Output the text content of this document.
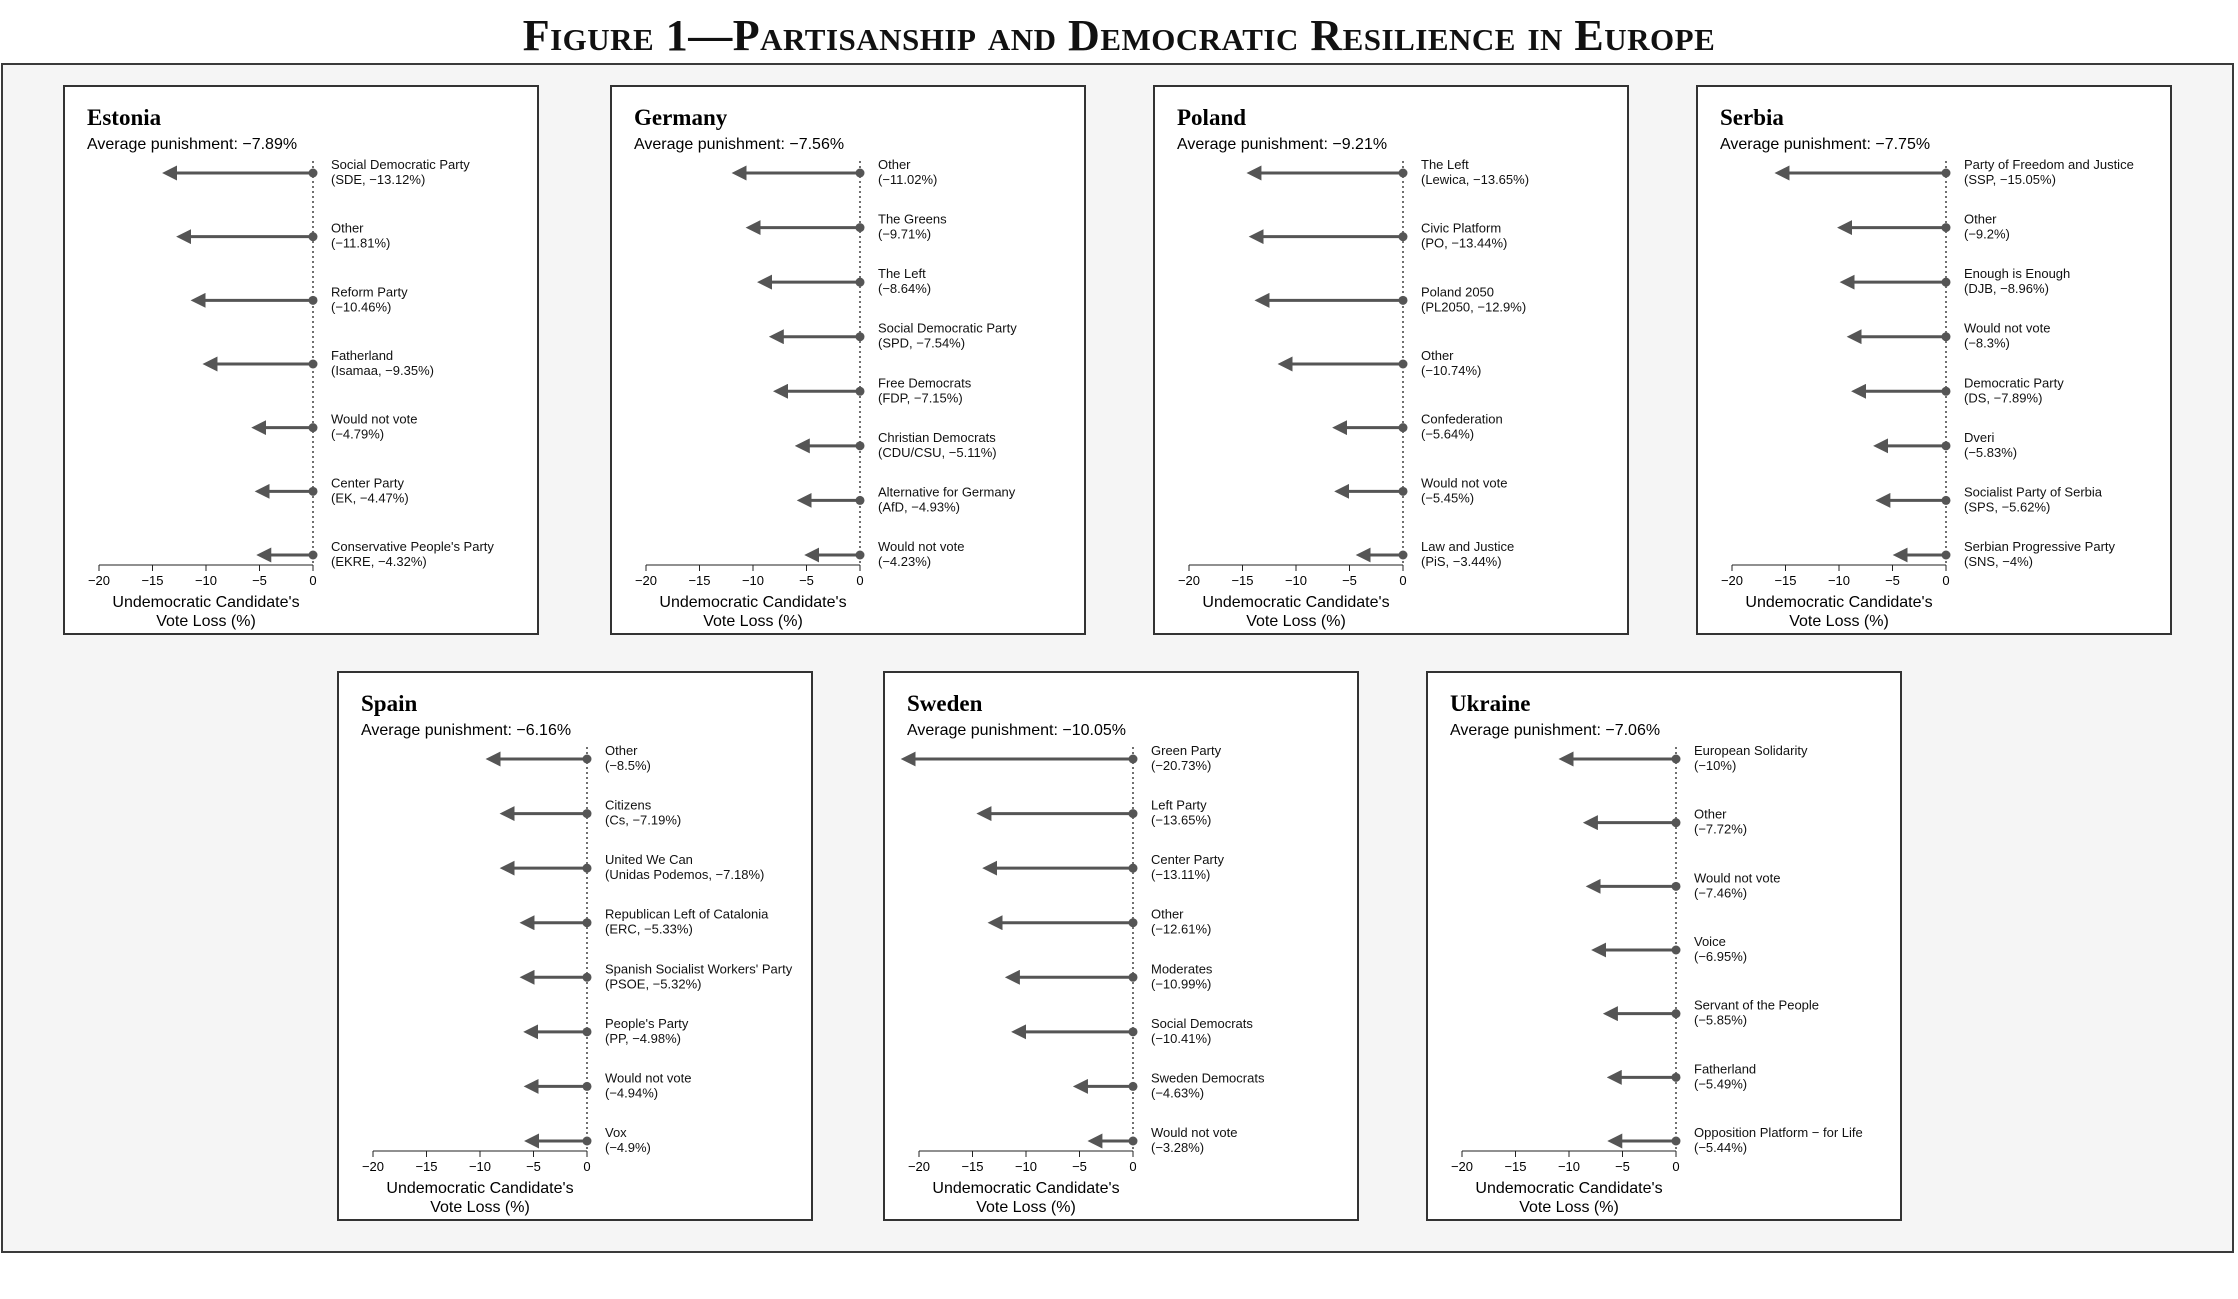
Figure 1—Partisanship and Democratic Resilience in Europe
Estonia
Average punishment: −7.89%
Social Democratic Party
(SDE, −13.12%)
Other
(−11.81%)
Reform Party
(−10.46%)
Fatherland
(Isamaa, −9.35%)
Would not vote
(−4.79%)
Center Party
(EK, −4.47%)
Conservative People's Party
(EKRE, −4.32%)
−20 −15 −10	−5	0
Undemocratic Candidate's
Vote Loss (%)
Germany
Average punishment: −7.56%
Other
(−11.02%)
The Greens
(−9.71%)
The Left
(−8.64%)
Social Democratic Party
(SPD, −7.54%)
Free Democrats
(FDP, −7.15%)
Christian Democrats
(CDU/CSU, −5.11%)
Alternative for Germany
(AfD, −4.93%)
Would not vote
(−4.23%)
−20 −15 −10	−5	0
Undemocratic Candidate's
Vote Loss (%)
Poland
Average punishment: −9.21%
The Left
(Lewica, −13.65%)
Civic Platform
(PO, −13.44%)
Poland 2050
(PL2050, −12.9%)
Other
(−10.74%)
Confederation
(−5.64%)
Would not vote
(−5.45%)
Law and Justice
(PiS, −3.44%)
−20 −15 −10	−5	0
Undemocratic Candidate's
Vote Loss (%)
Serbia
Average punishment: −7.75%
Party of Freedom and Justice
(SSP, −15.05%)
Other
(−9.2%)
Enough is Enough
(DJB, −8.96%)
Would not vote
(−8.3%)
Democratic Party
(DS, −7.89%)
Dveri
(−5.83%)
Socialist Party of Serbia
(SPS, −5.62%)
Serbian Progressive Party
(SNS, −4%)
−20 −15 −10	−5	0
Undemocratic Candidate's
Vote Loss (%)
Spain
Average punishment: −6.16%
Other
(−8.5%)
Citizens
(Cs, −7.19%)
United We Can
(Unidas Podemos, −7.18%)
Republican Left of Catalonia
(ERC, −5.33%)
Spanish Socialist Workers' Party
(PSOE, −5.32%)
People's Party
(PP, −4.98%)
Would not vote
(−4.94%)
Vox
(−4.9%)
−20 −15 −10	−5	0
Undemocratic Candidate's
Vote Loss (%)
Sweden
Average punishment: −10.05%
Green Party
(−20.73%)
Left Party
(−13.65%)
Center Party
(−13.11%)
Other
(−12.61%)
Moderates
(−10.99%)
Social Democrats
(−10.41%)
Sweden Democrats
(−4.63%)
Would not vote
(−3.28%)
−20 −15 −10	−5	0
Undemocratic Candidate's
Vote Loss (%)
Ukraine
Average punishment: −7.06%
European Solidarity
(−10%)
Other
(−7.72%)
Would not vote
(−7.46%)
Voice
(−6.95%)
Servant of the People
(−5.85%)
Fatherland
(−5.49%)
Opposition Platform − for Life
(−5.44%)
−20 −15 −10	−5	0
Undemocratic Candidate's
Vote Loss (%)
